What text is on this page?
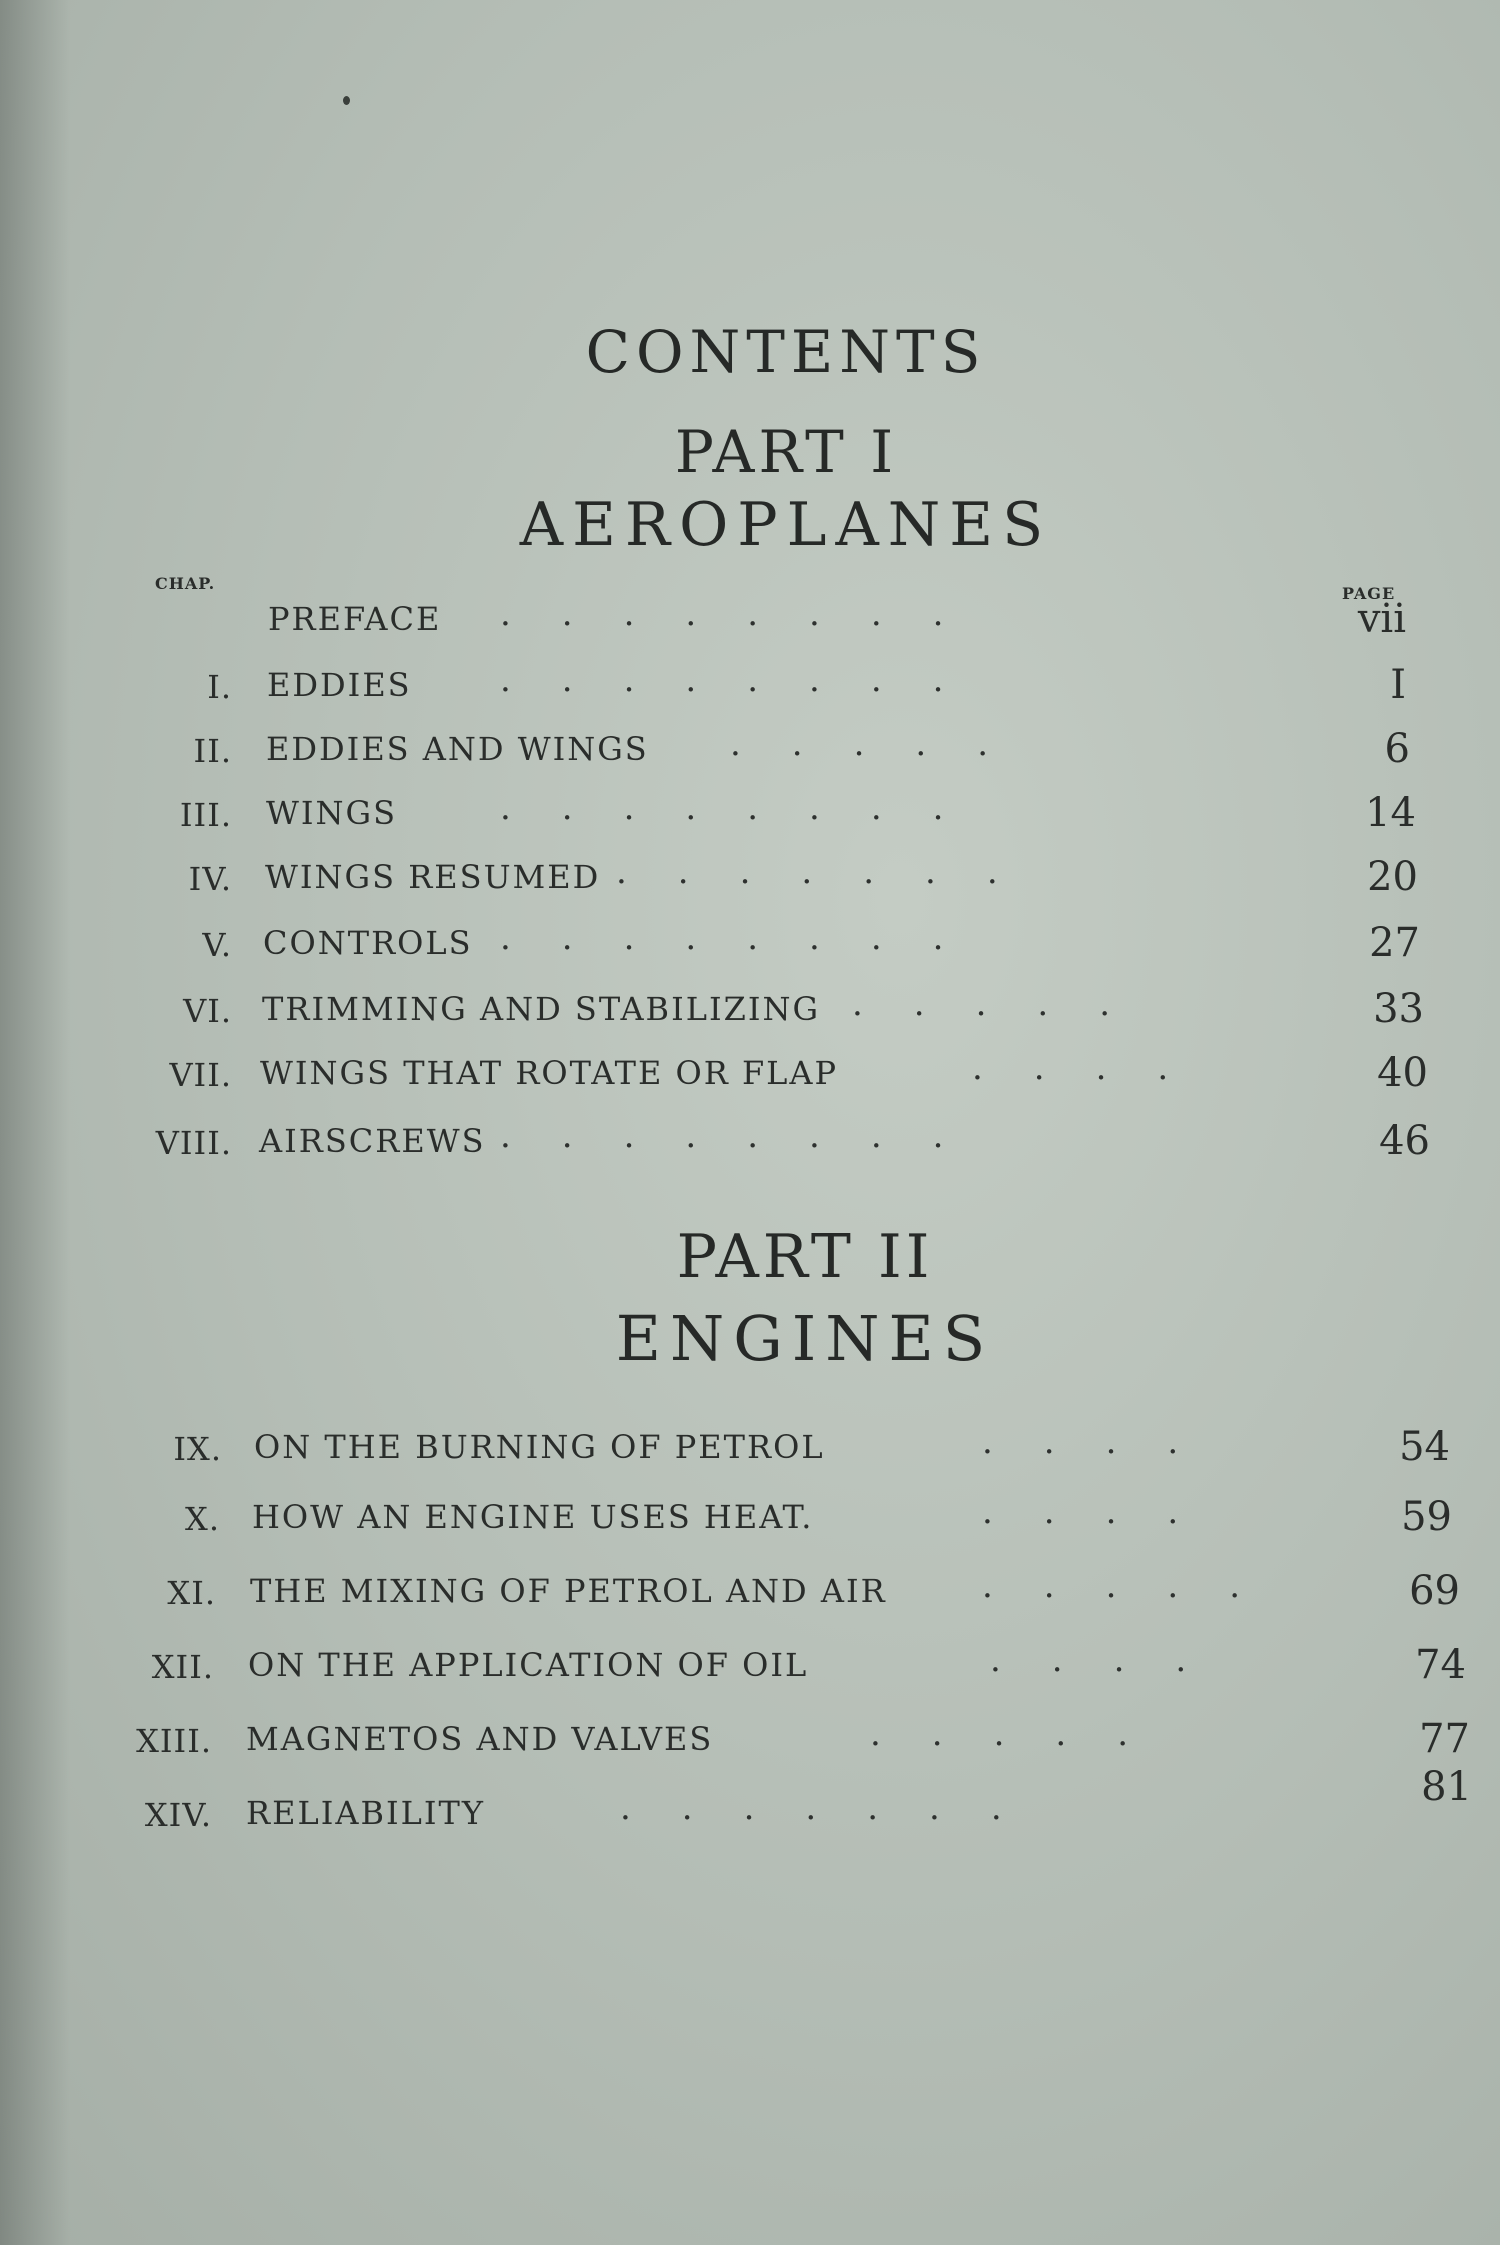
CONTENTS
PART I
AEROPLANES
CHAP.
PAGE
PREFACE .  .  .  .  .  .  .  .	vii
I. EDDIES	.  .  .  .  .  .  .  .	I
II. EDDIES AND WINGS .  .  .  .  .	6
III. WINGS	.  .  .  .  .  .  .  .	14
IV. WINGS RESUMED .  .  .  .  .  .  .	20
V. CONTROLS .  .  .  .  .  .  .  .	27
VI. TRIMMING AND STABILIZING .  .  .  .  .	33
VII. WINGS THAT ROTATE OR FLAP	.  .  .  .	40
VIII. AIRSCREWS .  .  .  .  .  .  .  .	46
PART II
ENGINES
IX. ON THE BURNING OF PETROL	.  .  .  .	54
X. HOW AN ENGINE USES HEAT.	.  .  .  .	59
XI. THE MIXING OF PETROL AND AIR	.  .  .  .  .	69
XII. ON THE APPLICATION OF OIL	.  .  .  .	74
XIII. MAGNETOS AND VALVES	.  .  .  .  .	77
XIV. RELIABILITY	.  .  .  .  .  .  .	81
